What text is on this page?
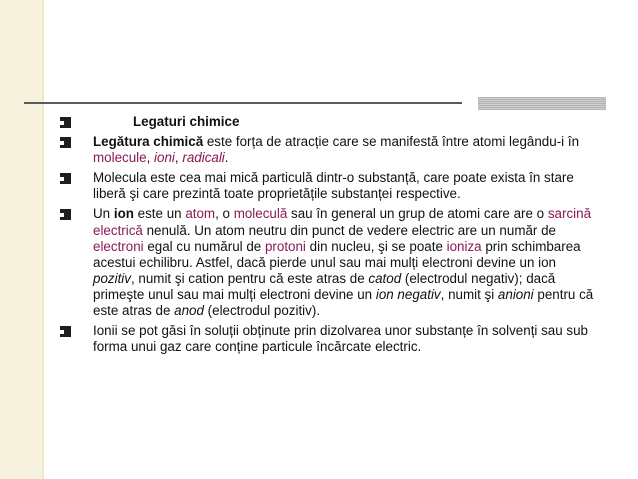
Legaturi chimice
Legătura chimică este forța de atracție care se manifestă între atomi legându-i în molecule, ioni, radicali.
Molecula este cea mai mică particulă dintr-o substanță, care poate exista în stare liberă şi care prezintă toate proprietățile substanței respective.
Un ion este un atom, o moleculă sau în general un grup de atomi care are o sarcină electrică nenulă. Un atom neutru din punct de vedere electric are un număr de electroni egal cu numărul de protoni din nucleu, şi se poate ioniza prin schimbarea acestui echilibru. Astfel, dacă pierde unul sau mai mulți electroni devine un ion pozitiv, numit şi cation pentru că este atras de catod (electrodul negativ); dacă primeşte unul sau mai mulți electroni devine un ion negativ, numit şi anioni pentru că este atras de anod (electrodul pozitiv).
Ionii se pot găsi în soluții obținute prin dizolvarea unor substanțe în solvenți sau sub forma unui gaz care conține particule încărcate electric.
